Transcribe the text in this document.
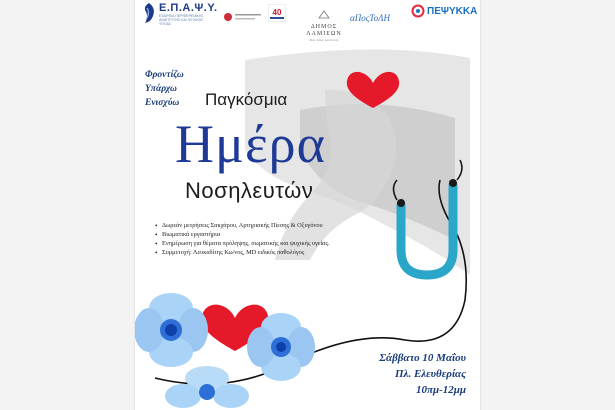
Ε.Π.Α.Ψ.Υ.
ΕΤΑΙΡΕΙΑ ΠΕΡΙΦΕΡΕΙΑΚΗΣ ΑΝΑΠΤΥΞΗΣ ΚΑΙ ΨΥΧΙΚΗΣ ΥΓΕΙΑΣ
40
ΔΗΜΟΣ
ΛΑΜΙΕΩΝ
Στην πόλη, κοντά σας
αΠοςΤοΛΗ
ΠΕΨΥΚΚΑ
Φροντίζω
Υπάρχω
Ενισχύω	Παγκόσμια
Ημέρα
Νοσηλευτών
• Δωρεάν μετρήσεις Σακχάρου, Αρτηριακής Πίεσης & Οξυγόνου
• Βιωματικά εργαστήρια
• Ενημέρωση για θέματα πρόληψης, σωματικής και ψυχικής υγείας.
• Συμμετοχή: Λευκαδίτης Κω/νος, MD ειδικός παθολόγος
Σάββατο 10 Μαΐου
Πλ. Ελευθερίας
10πμ-12μμ
